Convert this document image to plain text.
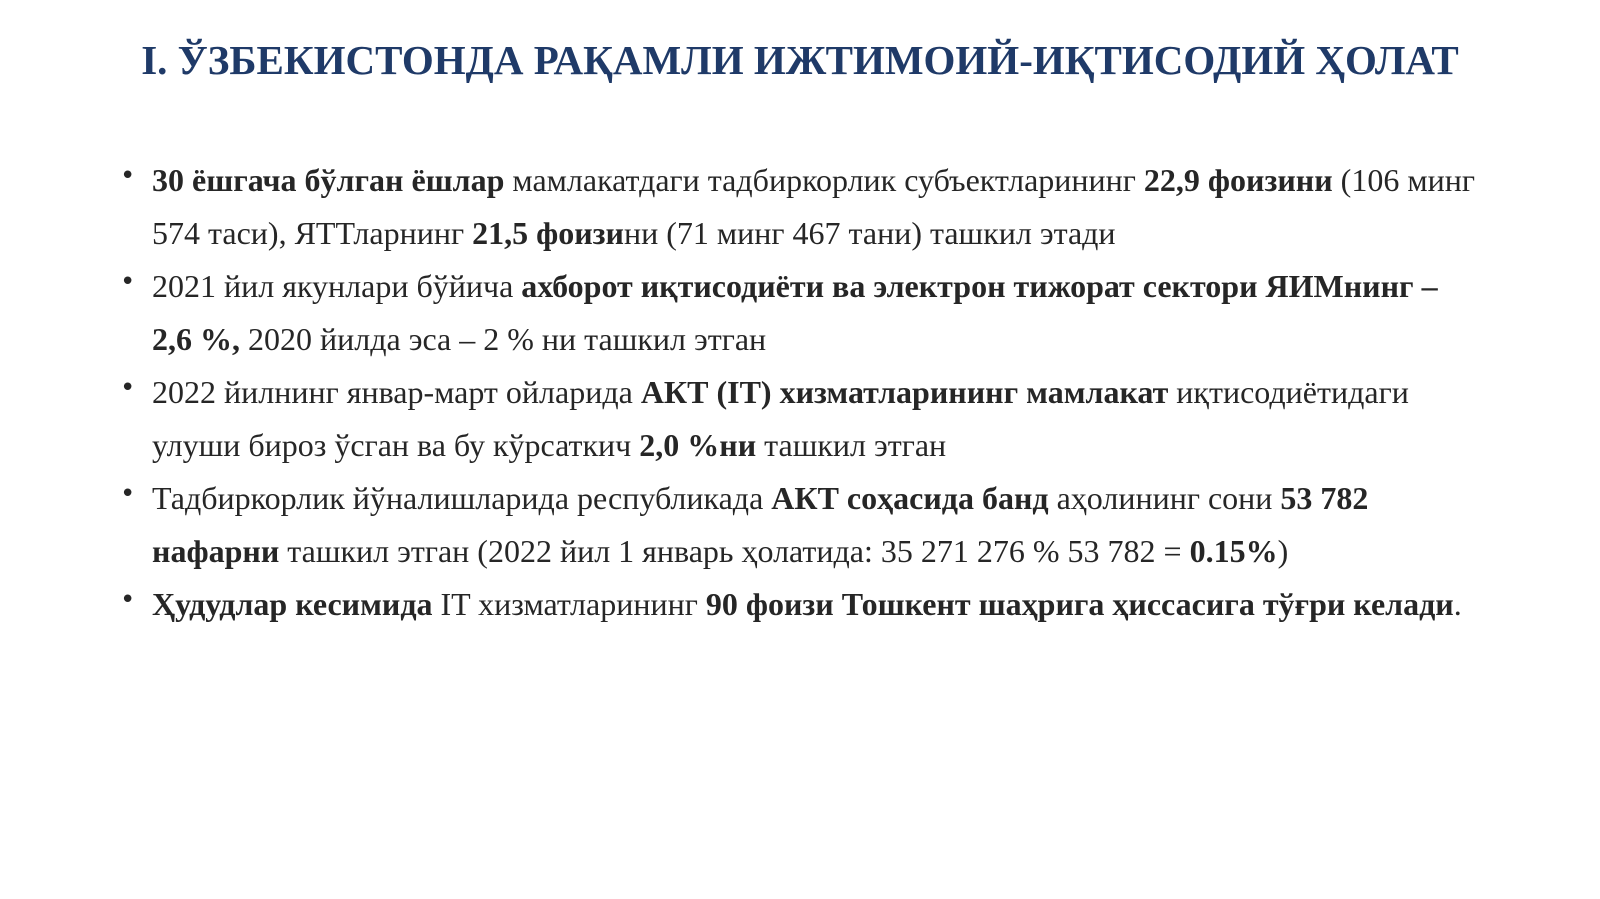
I. ЎЗБЕКИСТОНДА РАҚАМЛИ ИЖТИМОИЙ-ИҚТИСОДИЙ ҲОЛАТ
• 30 ёшгача бўлган ёшлар мамлакатдаги тадбиркорлик субъектларининг 22,9 фоизини (106 минг 574 таси), ЯТТларнинг 21,5 фоизини (71 минг 467 тани) ташкил этади
• 2021 йил якунлари бўйича ахборот иқтисодиёти ва электрон тижорат сектори ЯИМнинг – 2,6 %, 2020 йилда эса – 2 % ни ташкил этган
• 2022 йилнинг январ-март ойларида АКТ (IT) хизматларининг мамлакат иқтисодиётидаги улуши бироз ўсган ва бу кўрсаткич 2,0 %ни ташкил этган
• Тадбиркорлик йўналишларида республикада АКТ соҳасида банд аҳолининг сони 53 782 нафарни ташкил этган (2022 йил 1 январь ҳолатида: 35 271 276 % 53 782 = 0.15%)
• Ҳудудлар кесимида IT хизматларининг 90 фоизи Тошкент шаҳрига ҳиссасига тўғри келади.
